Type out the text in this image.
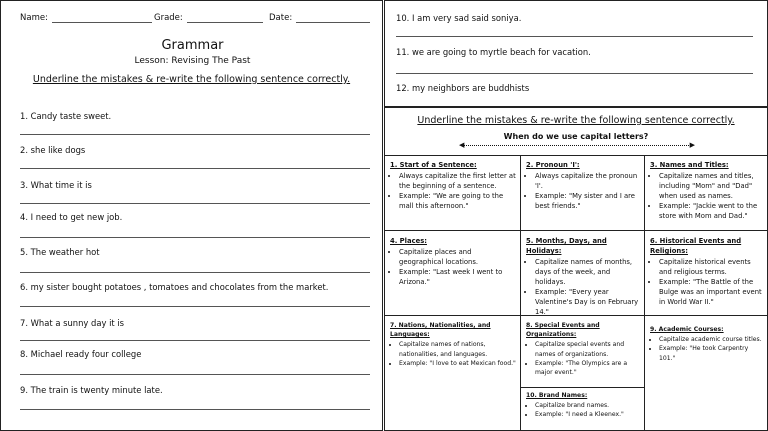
Name:	Grade:	Date:
Grammar
Lesson: Revising The Past
Underline the mistakes & re-write the following sentence correctly.
1. Candy taste sweet.
2. she like dogs
3. What time it is
4. I need to get new job.
5. The weather hot
6. my sister bought potatoes , tomatoes and chocolates from the market.
7. What a sunny day it is
8. Michael ready four college
9. The train is twenty minute late.
10. I am very sad said soniya.
11. we are going to myrtle beach for vacation.
12. my neighbors are buddhists
Underline the mistakes & re-write the following sentence correctly.
When do we use capital letters?
◀	▶
1. Start of a Sentence:
• Always capitalize the first letter at the beginning of a sentence.
• Example: "We are going to the mall this afternoon."
2. Pronoun 'I':
• Always capitalize the pronoun 'I'.
• Example: "My sister and I are best friends."
3. Names and Titles:
• Capitalize names and titles, including "Mom" and "Dad" when used as names.
• Example: "Jackie went to the store with Mom and Dad."
4. Places:
• Capitalize places and geographical locations.
• Example: "Last week I went to Arizona."
5. Months, Days, and Holidays:
• Capitalize names of months, days of the week, and holidays.
• Example: "Every year Valentine's Day is on February 14."
6. Historical Events and Religions:
• Capitalize historical events and religious terms.
• Example: "The Battle of the Bulge was an important event in World War II."
7. Nations, Nationalities, and Languages:
• Capitalize names of nations, nationalities, and languages.
• Example: "I love to eat Mexican food."
8. Special Events and Organizations:
• Capitalize special events and names of organizations.
• Example: "The Olympics are a major event."
9. Academic Courses:
• Capitalize academic course titles.
• Example: "He took Carpentry 101."
10. Brand Names:
• Capitalize brand names.
• Example: "I need a Kleenex."
